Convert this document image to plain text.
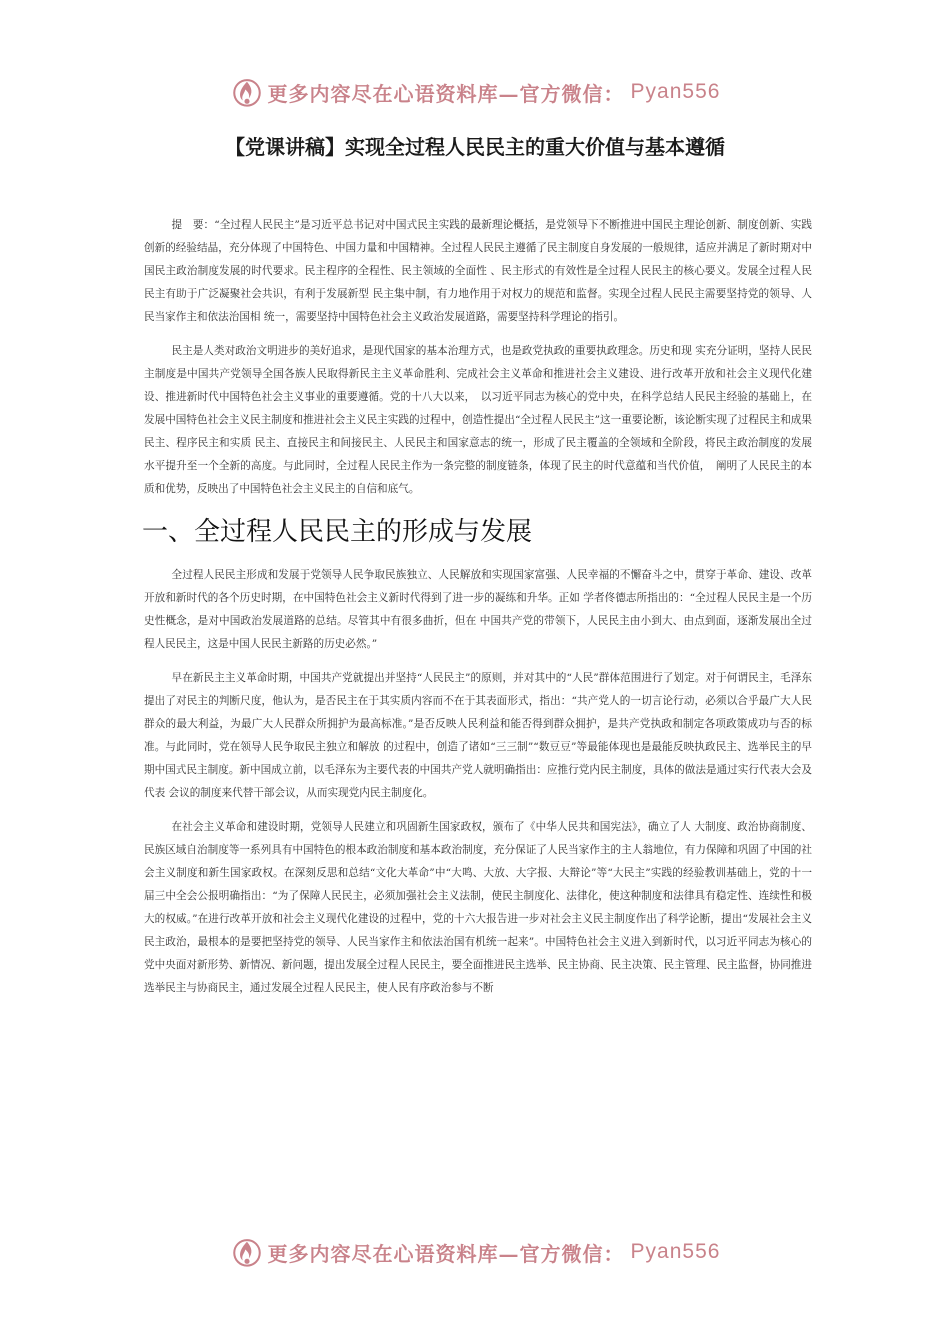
更多内容尽在心语资料库—官方微信： Pyan556
【党课讲稿】实现全过程人民民主的重大价值与基本遵循

提　要：“全过程人民民主”是习近平总书记对中国式民主实践的最新理论概括，是党领导下不断推进中国民主理论创新、制度创新、实践创新的经验结晶，充分体现了中国特色、中国力量和中国精神。全过程人民民主遵循了民主制度自身发展的一般规律，适应并满足了新时期对中国民主政治制度发展的时代要求。民主程序的全程性、民主领域的全面性 、民主形式的有效性是全过程人民民主的核心要义。发展全过程人民民主有助于广泛凝聚社会共识，有利于发展新型 民主集中制，有力地作用于对权力的规范和监督。实现全过程人民民主需要坚持党的领导、人民当家作主和依法治国相 统一，需要坚持中国特色社会主义政治发展道路，需要坚持科学理论的指引。

民主是人类对政治文明进步的美好追求，是现代国家的基本治理方式，也是政党执政的重要执政理念。历史和现 实充分证明，坚持人民民主制度是中国共产党领导全国各族人民取得新民主主义革命胜利、完成社会主义革命和推进社会主义建设、进行改革开放和社会主义现代化建设、推进新时代中国特色社会主义事业的重要遵循。党的十八大以来，　以习近平同志为核心的党中央，在科学总结人民民主经验的基础上，在发展中国特色社会主义民主制度和推进社会主义民主实践的过程中，创造性提出“全过程人民民主”这一重要论断，该论断实现了过程民主和成果民主、程序民主和实质 民主、直接民主和间接民主、人民民主和国家意志的统一，形成了民主覆盖的全领域和全阶段，将民主政治制度的发展水平提升至一个全新的高度。与此同时，全过程人民民主作为一条完整的制度链条，体现了民主的时代意蕴和当代价值，　阐明了人民民主的本质和优势，反映出了中国特色社会主义民主的自信和底气。

一、全过程人民民主的形成与发展

全过程人民民主形成和发展于党领导人民争取民族独立、人民解放和实现国家富强、人民幸福的不懈奋斗之中，贯穿于革命、建设、改革开放和新时代的各个历史时期，在中国特色社会主义新时代得到了进一步的凝练和升华。正如 学者佟德志所指出的：“全过程人民民主是一个历史性概念，是对中国政治发展道路的总结。尽管其中有很多曲折，但在 中国共产党的带领下，人民民主由小到大、由点到面，逐渐发展出全过程人民民主，这是中国人民民主新路的历史必然。”

早在新民主主义革命时期，中国共产党就提出并坚持“人民民主”的原则，并对其中的“人民”群体范围进行了划定。对于何谓民主，毛泽东提出了对民主的判断尺度，他认为，是否民主在于其实质内容而不在于其表面形式，指出：“共产党人的一切言论行动，必须以合乎最广大人民群众的最大利益，为最广大人民群众所拥护为最高标准。”是否反映人民利益和能否得到群众拥护，是共产党执政和制定各项政策成功与否的标准。与此同时，党在领导人民争取民主独立和解放 的过程中，创造了诸如“三三制”“数豆豆”等最能体现也是最能反映执政民主、选举民主的早期中国式民主制度。新中国成立前，以毛泽东为主要代表的中国共产党人就明确指出：应推行党内民主制度，具体的做法是通过实行代表大会及代表 会议的制度来代替干部会议，从而实现党内民主制度化。

在社会主义革命和建设时期，党领导人民建立和巩固新生国家政权，颁布了《中华人民共和国宪法》，确立了人 大制度、政治协商制度、民族区域自治制度等一系列具有中国特色的根本政治制度和基本政治制度，充分保证了人民当家作主的主人翁地位，有力保障和巩固了中国的社会主义制度和新生国家政权。在深刻反思和总结“文化大革命”中“大鸣、大放、大字报、大辩论”等“大民主”实践的经验教训基础上，党的十一届三中全会公报明确指出：“为了保障人民民主，必须加强社会主义法制，使民主制度化、法律化，使这种制度和法律具有稳定性、连续性和极大的权威。”在进行改革开放和社会主义现代化建设的过程中，党的十六大报告进一步对社会主义民主制度作出了科学论断，提出“发展社会主义民主政治，最根本的是要把坚持党的领导、人民当家作主和依法治国有机统一起来”。中国特色社会主义进入到新时代，以习近平同志为核心的党中央面对新形势、新情况、新问题，提出发展全过程人民民主，要全面推进民主选举、民主协商、民主决策、民主管理、民主监督，协同推进选举民主与协商民主，通过发展全过程人民民主，使人民有序政治参与不断

更多内容尽在心语资料库—官方微信： Pyan556
